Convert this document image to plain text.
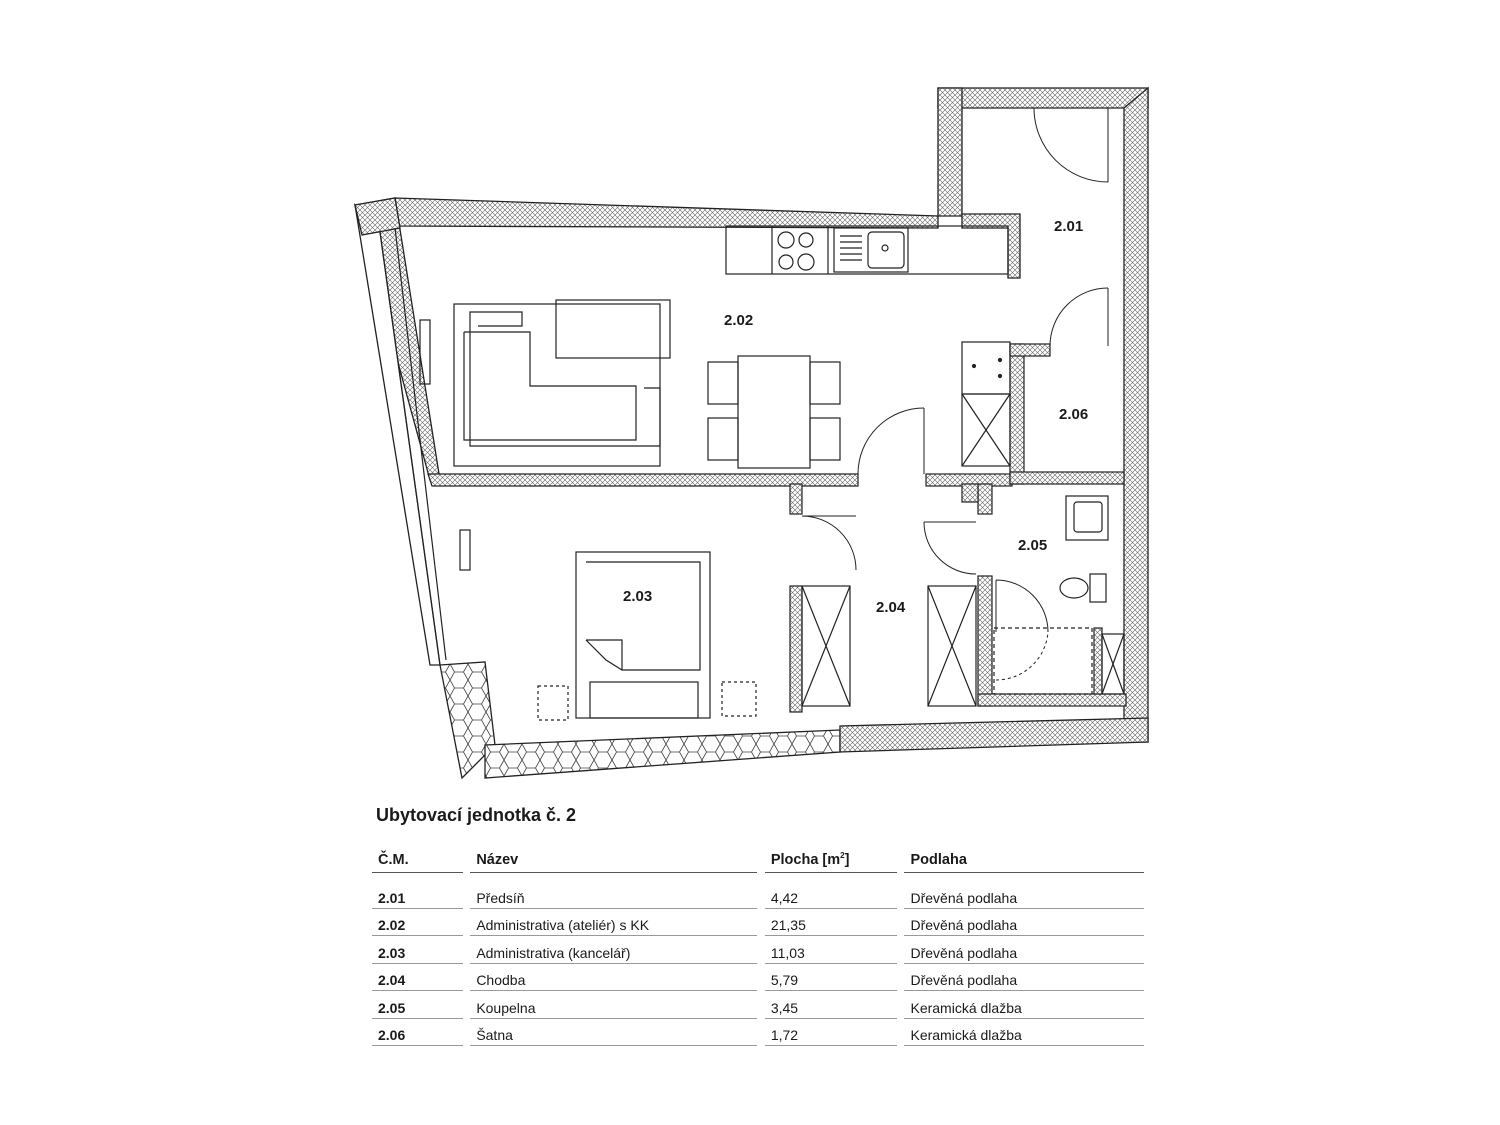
2.01
2.02
2.03
2.04
2.05
2.06
Ubytovací jednotka č. 2
Č.M.		Název		Plocha $[m^2]$		Podlaha

2.01		Předsíň		4,42		Dřevěná podlaha
2.02		Administrativa (ateliér) s KK		21,35		Dřevěná podlaha
2.03		Administrativa (kancelář)		11,03		Dřevěná podlaha
2.04		Chodba		5,79		Dřevěná podlaha
2.05		Koupelna		3,45		Keramická dlažba
2.06		Šatna		1,72		Keramická dlažba
